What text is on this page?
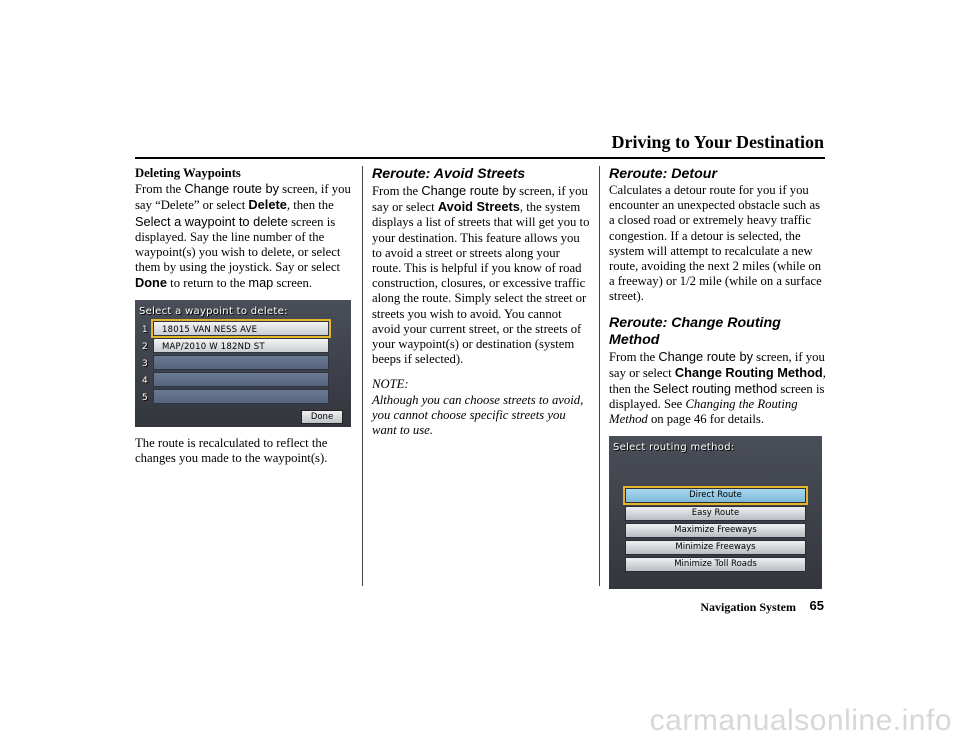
Driving to Your Destination

Deleting Waypoints

From the Change route by screen, if you say “Delete” or select Delete, then the Select a waypoint to delete screen is displayed. Say the line number of the waypoint(s) you wish to delete, or select them by using the joystick. Say or select Done to return to the map screen.

Select a waypoint to delete:
1 18015 VAN NESS AVE
2 MAP/2010 W 182ND ST
3
4
5
Done

The route is recalculated to reflect the changes you made to the waypoint(s).

Reroute: Avoid Streets

From the Change route by screen, if you say or select Avoid Streets, the system displays a list of streets that will get you to your destination. This feature allows you to avoid a street or streets along your route. This is helpful if you know of road construction, closures, or excessive traffic along the route. Simply select the street or streets you wish to avoid. You cannot avoid your current street, or the streets of your waypoint(s) or destination (system beeps if selected).

NOTE:

Although you can choose streets to avoid, you cannot choose specific streets you want to use.

Reroute: Detour

Calculates a detour route for you if you encounter an unexpected obstacle such as a closed road or extremely heavy traffic congestion. If a detour is selected, the system will attempt to recalculate a new route, avoiding the next 2 miles (while on a freeway) or 1/2 mile (while on a surface street).

Reroute: Change Routing Method

From the Change route by screen, if you say or select Change Routing Method, then the Select routing method screen is displayed. See Changing the Routing Method on page 46 for details.

Select routing method:
Direct Route
Easy Route
Maximize Freeways
Minimize Freeways
Minimize Toll Roads
Navigation System 65
carmanualsonline.info
